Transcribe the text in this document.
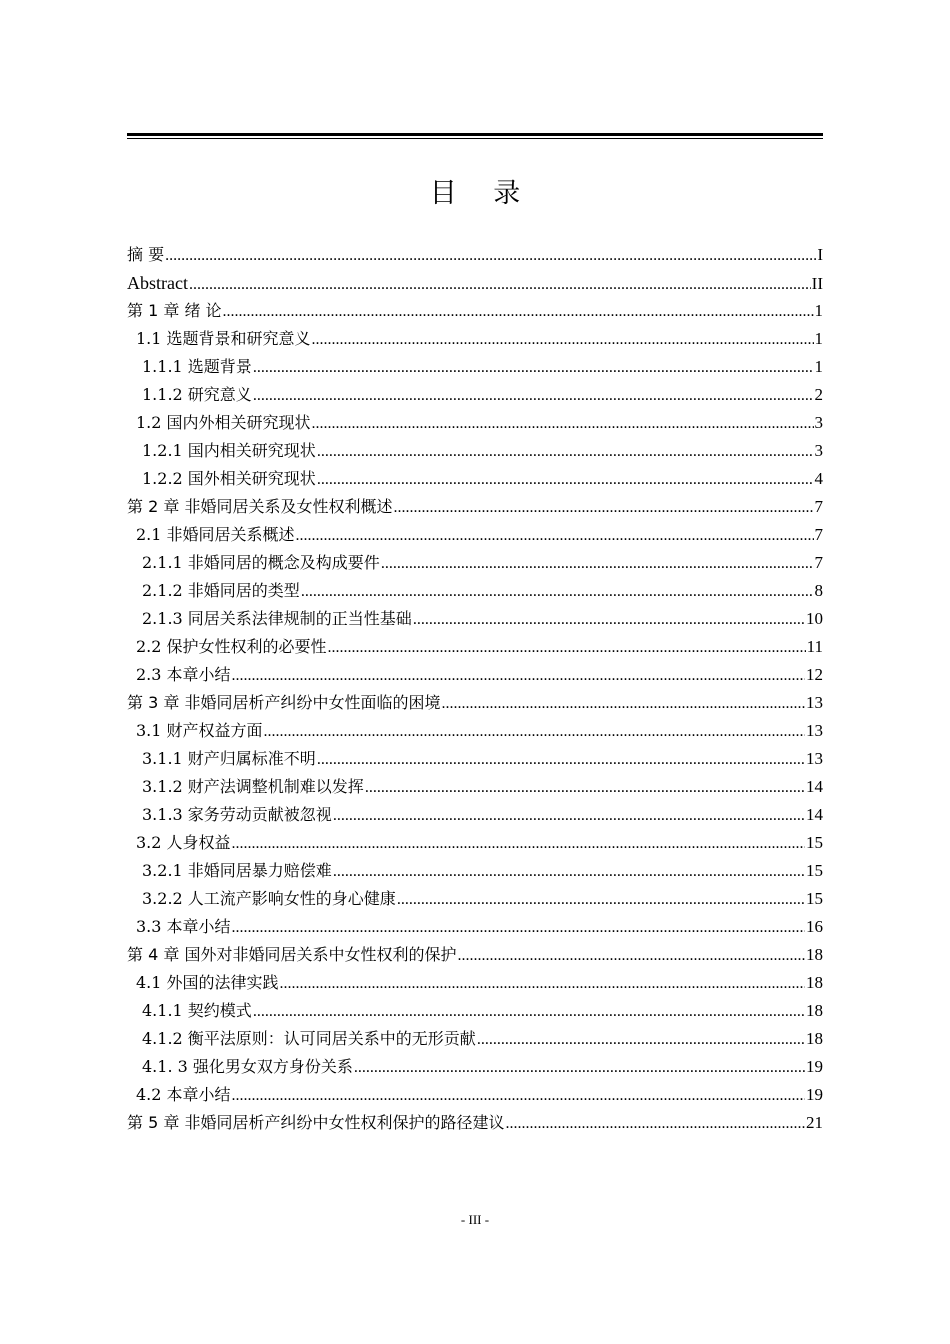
目 录
摘 要 .....	I
Abstract .....	II
第 1 章 绪 论 .....	1
1.1 选题背景和研究意义 .....	1
1.1.1 选题背景 .....	1
1.1.2 研究意义 .....	2
1.2 国内外相关研究现状 .....	3
1.2.1 国内相关研究现状 .....	3
1.2.2 国外相关研究现状 .....	4
第 2 章 非婚同居关系及女性权利概述 .....	7
2.1 非婚同居关系概述 .....	7
2.1.1 非婚同居的概念及构成要件 .....	7
2.1.2 非婚同居的类型 .....	8
2.1.3 同居关系法律规制的正当性基础 .....	10
2.2 保护女性权利的必要性 .....	11
2.3 本章小结 .....	12
第 3 章 非婚同居析产纠纷中女性面临的困境 .....	13
3.1 财产权益方面 .....	13
3.1.1 财产归属标准不明 .....	13
3.1.2 财产法调整机制难以发挥 .....	14
3.1.3 家务劳动贡献被忽视 .....	14
3.2 人身权益 .....	15
3.2.1 非婚同居暴力赔偿难 .....	15
3.2.2 人工流产影响女性的身心健康 .....	15
3.3 本章小结 .....	16
第 4 章 国外对非婚同居关系中女性权利的保护 .....	18
4.1 外国的法律实践 .....	18
4.1.1 契约模式 .....	18
4.1.2 衡平法原则：认可同居关系中的无形贡献 .....	18
4.1. 3 强化男女双方身份关系 .....	19
4.2 本章小结 .....	19
第 5 章 非婚同居析产纠纷中女性权利保护的路径建议 .....	21
- III -
